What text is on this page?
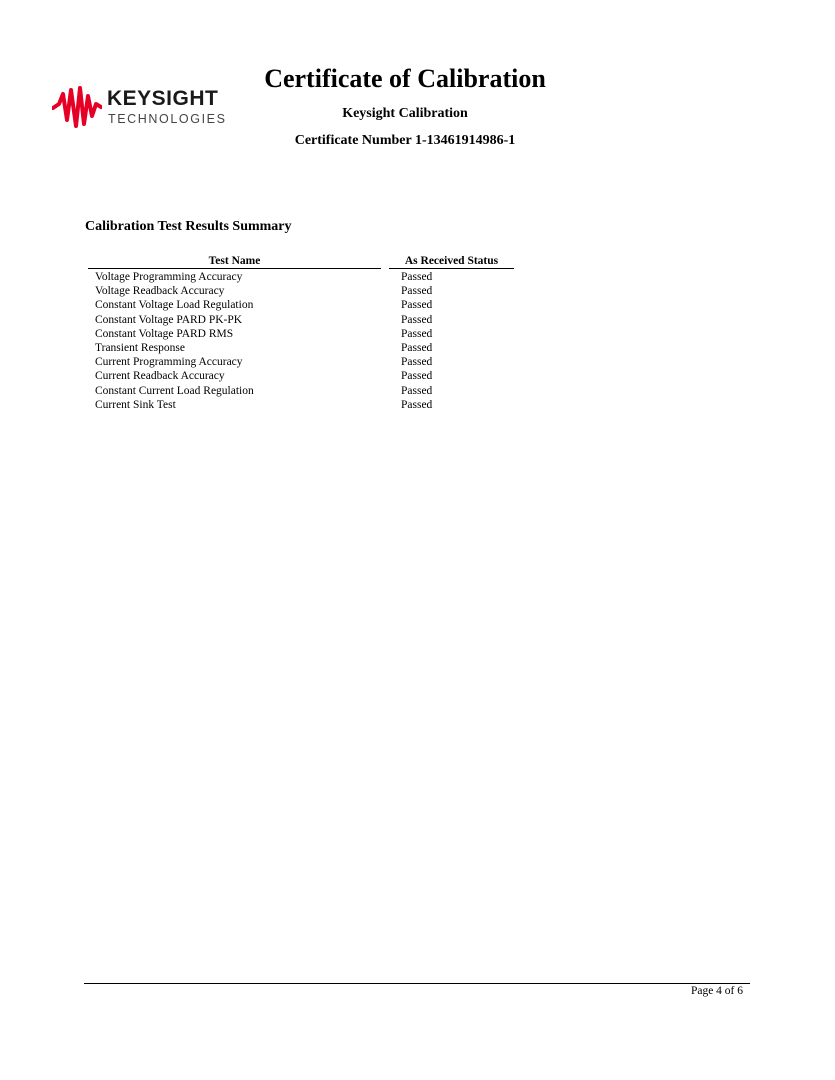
KEYSIGHT
TECHNOLOGIES
Certificate of Calibration
Keysight Calibration
Certificate Number 1-13461914986-1
Calibration Test Results Summary
Test Name	As Received Status
Voltage Programming Accuracy	Passed
Voltage Readback Accuracy	Passed
Constant Voltage Load Regulation	Passed
Constant Voltage PARD PK-PK	Passed
Constant Voltage PARD RMS	Passed
Transient Response	Passed
Current Programming Accuracy	Passed
Current Readback Accuracy	Passed
Constant Current Load Regulation	Passed
Current Sink Test	Passed
Page 4 of 6
